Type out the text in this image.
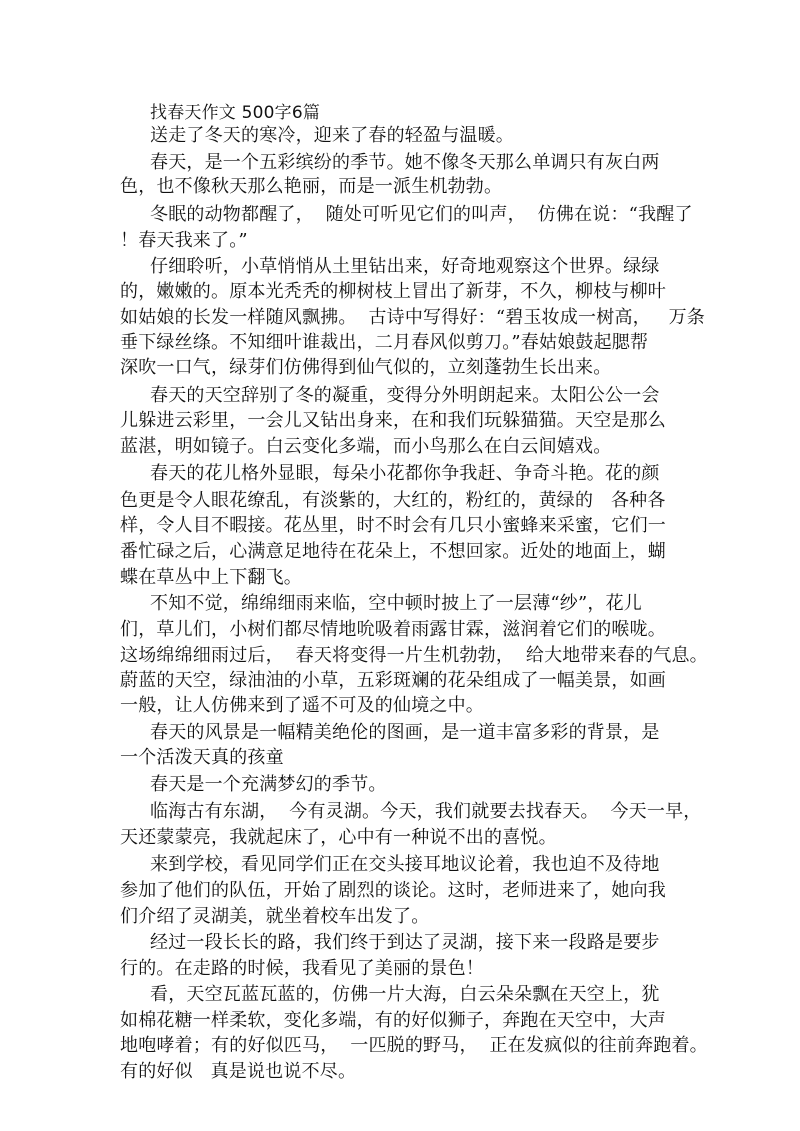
找春天作文 500字6篇
送走了冬天的寒冷，迎来了春的轻盈与温暖。
春天，是一个五彩缤纷的季节。她不像冬天那么单调只有灰白两
色，也不像秋天那么艳丽，而是一派生机勃勃。
冬眠的动物都醒了，  随处可听见它们的叫声，  仿佛在说：“我醒了
！春天我来了。”
仔细聆听，小草悄悄从土里钻出来，好奇地观察这个世界。绿绿
的，嫩嫩的。原本光秃秃的柳树枝上冒出了新芽，不久，柳枝与柳叶
如姑娘的长发一样随风飘拂。  古诗中写得好：“碧玉妆成一树高，   万条
垂下绿丝绦。不知细叶谁裁出，二月春风似剪刀。”春姑娘鼓起腮帮
深吹一口气，绿芽们仿佛得到仙气似的，立刻蓬勃生长出来。
春天的天空辞别了冬的凝重，变得分外明朗起来。太阳公公一会
儿躲进云彩里，一会儿又钻出身来，在和我们玩躲猫猫。天空是那么
蓝湛，明如镜子。白云变化多端，而小鸟那么在白云间嬉戏。
春天的花儿格外显眼，每朵小花都你争我赶、争奇斗艳。花的颜
色更是令人眼花缭乱，有淡紫的，大红的，粉红的，黄绿的   各种各
样，令人目不暇接。花丛里，时不时会有几只小蜜蜂来采蜜，它们一
番忙碌之后，心满意足地待在花朵上，不想回家。近处的地面上，蝴
蝶在草丛中上下翻飞。
不知不觉，绵绵细雨来临，空中顿时披上了一层薄“纱”，花儿
们，草儿们，小树们都尽情地吮吸着雨露甘霖，滋润着它们的喉咙。
这场绵绵细雨过后，  春天将变得一片生机勃勃，  给大地带来春的气息。
蔚蓝的天空，绿油油的小草，五彩斑斓的花朵组成了一幅美景，如画
一般，让人仿佛来到了遥不可及的仙境之中。
春天的风景是一幅精美绝伦的图画，是一道丰富多彩的背景，是
一个活泼天真的孩童
春天是一个充满梦幻的季节。
临海古有东湖，  今有灵湖。今天，我们就要去找春天。  今天一早，
天还蒙蒙亮，我就起床了，心中有一种说不出的喜悦。
来到学校，看见同学们正在交头接耳地议论着，我也迫不及待地
参加了他们的队伍，开始了剧烈的谈论。这时，老师进来了，她向我
们介绍了灵湖美，就坐着校车出发了。
经过一段长长的路，我们终于到达了灵湖，接下来一段路是要步
行的。在走路的时候，我看见了美丽的景色！
看，天空瓦蓝瓦蓝的，仿佛一片大海，白云朵朵飘在天空上，犹
如棉花糖一样柔软，变化多端，有的好似狮子，奔跑在天空中，大声
地咆哮着；有的好似匹马，  一匹脱的野马，  正在发疯似的往前奔跑着。
有的好似   真是说也说不尽。
